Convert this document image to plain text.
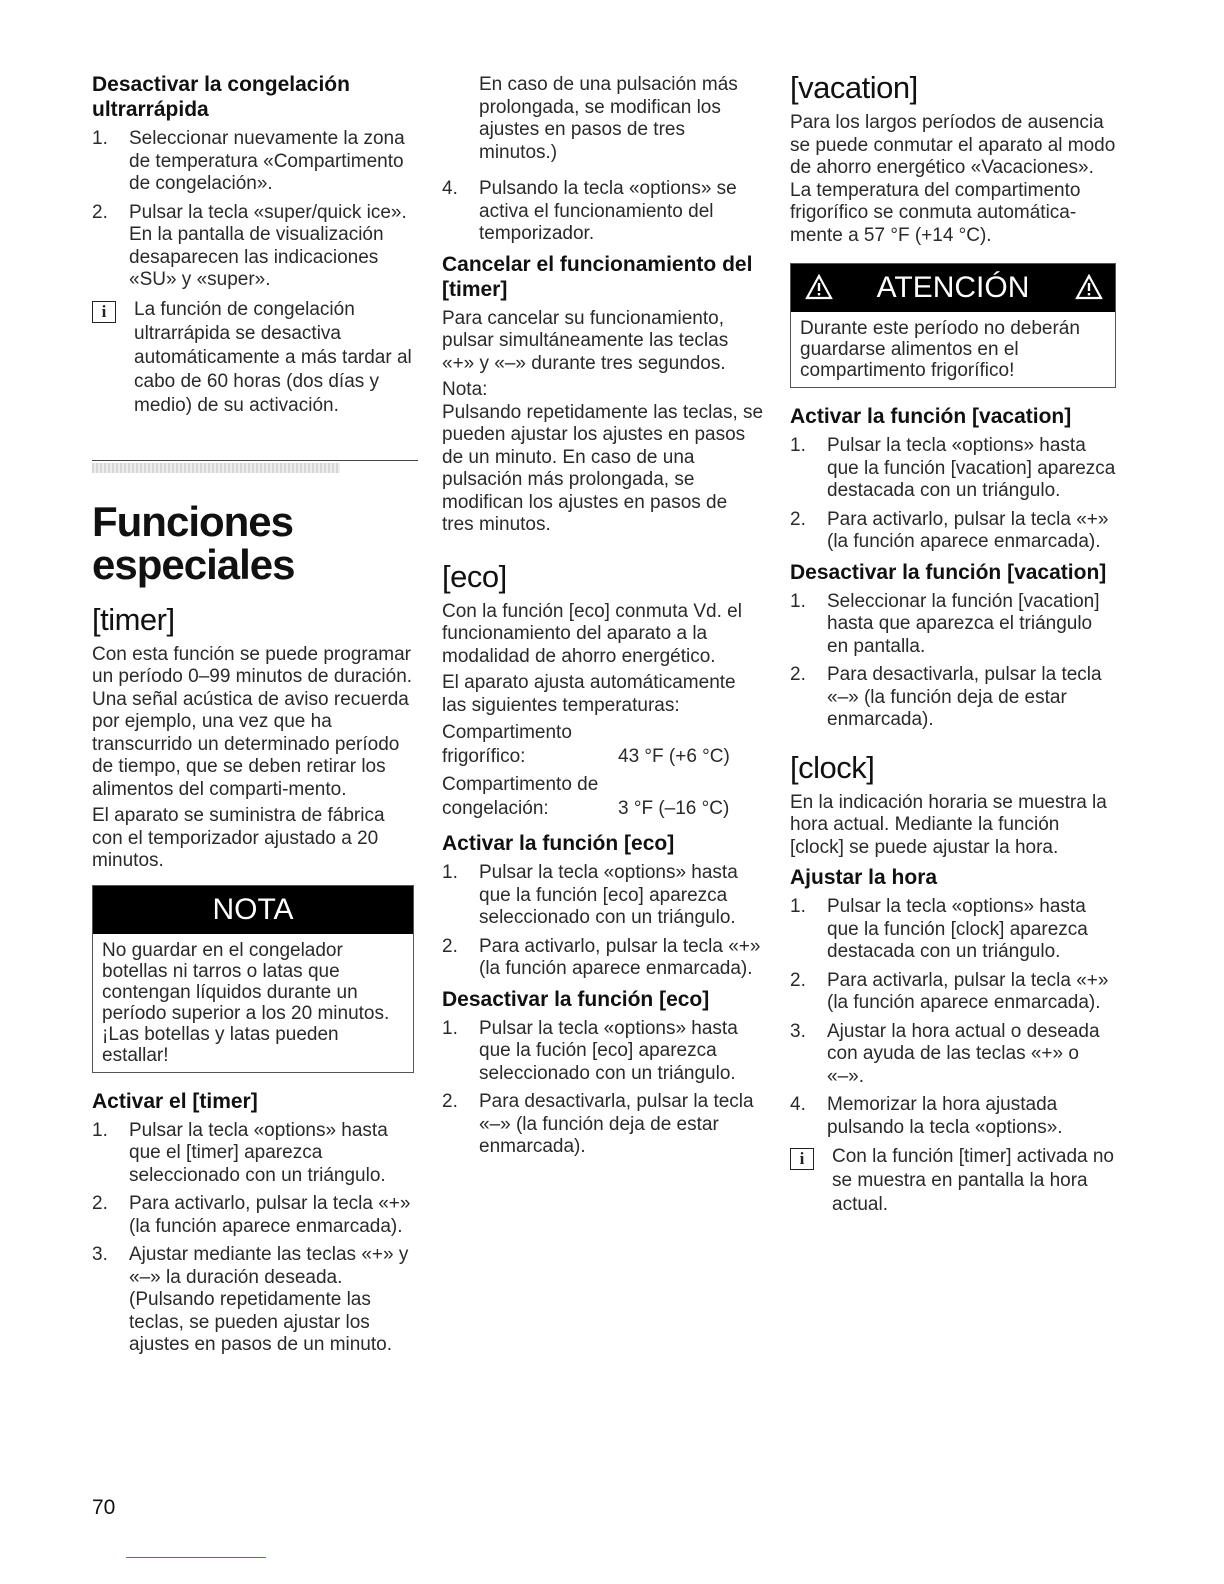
Desactivar la congelación ultrarrápida
1. Seleccionar nuevamente la zona de temperatura «Compartimento de congelación».
2. Pulsar la tecla «super/quick ice». En la pantalla de visualización desaparecen las indicaciones «SU» y «super».
i	La función de congelación ultrarrápida se desactiva automáticamente a más tardar al cabo de 60 horas (dos días y medio) de su activación.
Funciones especiales
[timer]

Con esta función se puede programar un período 0–99 minutos de duración. Una señal acústica de aviso recuerda por ejemplo, una vez que ha transcurrido un determinado período de tiempo, que se deben retirar los alimentos del comparti-mento.

El aparato se suministra de fábrica con el temporizador ajustado a 20 minutos.

NOTA
No guardar en el congelador botellas ni tarros o latas que contengan líquidos durante un período superior a los 20 minutos. ¡Las botellas y latas pueden estallar!
Activar el [timer]
1. Pulsar la tecla «options» hasta que el [timer] aparezca seleccionado con un triángulo.
2. Para activarlo, pulsar la tecla «+» (la función aparece enmarcada).
3. Ajustar mediante las teclas «+» y «–» la duración deseada. (Pulsando repetidamente las teclas, se pueden ajustar los ajustes en pasos de un minuto.
En caso de una pulsación más prolongada, se modifican los ajustes en pasos de tres minutos.)
4. Pulsando la tecla «options» se activa el funcionamiento del temporizador.
Cancelar el funcionamiento del [timer]

Para cancelar su funcionamiento, pulsar simultáneamente las teclas «+» y «–» durante tres segundos.

Nota:

Pulsando repetidamente las teclas, se pueden ajustar los ajustes en pasos de un minuto. En caso de una pulsación más prolongada, se modifican los ajustes en pasos de tres minutos.

[eco]

Con la función [eco] conmuta Vd. el funcionamiento del aparato a la modalidad de ahorro energético.

El aparato ajusta automáticamente las siguientes temperaturas:

Compartimento frigorífico:	43 °F (+6 °C)
Compartimento de congelación:	3 °F (–16 °C)
Activar la función [eco]
1. Pulsar la tecla «options» hasta que la función [eco] aparezca seleccionado con un triángulo.
2. Para activarlo, pulsar la tecla «+» (la función aparece enmarcada).
Desactivar la función [eco]
1. Pulsar la tecla «options» hasta que la fución [eco] aparezca seleccionado con un triángulo.
2. Para desactivarla, pulsar la tecla «–» (la función deja de estar enmarcada).
[vacation]

Para los largos períodos de ausencia se puede conmutar el aparato al modo de ahorro energético «Vacaciones».

La temperatura del compartimento frigorífico se conmuta automática-mente a 57 °F (+14 °C).

ATENCIÓN
Durante este período no deberán guardarse alimentos en el compartimento frigorífico!
Activar la función [vacation]
1. Pulsar la tecla «options» hasta que la función [vacation] aparezca destacada con un triángulo.
2. Para activarlo, pulsar la tecla «+» (la función aparece enmarcada).
Desactivar la función [vacation]
1. Seleccionar la función [vacation] hasta que aparezca el triángulo en pantalla.
2. Para desactivarla, pulsar la tecla «–» (la función deja de estar enmarcada).
[clock]

En la indicación horaria se muestra la hora actual. Mediante la función [clock] se puede ajustar la hora.

Ajustar la hora
1. Pulsar la tecla «options» hasta que la función [clock] aparezca destacada con un triángulo.
2. Para activarla, pulsar la tecla «+» (la función aparece enmarcada).
3. Ajustar la hora actual o deseada con ayuda de las teclas «+» o «–».
4. Memorizar la hora ajustada pulsando la tecla «options».
i	Con la función [timer] activada no se muestra en pantalla la hora actual.
70
